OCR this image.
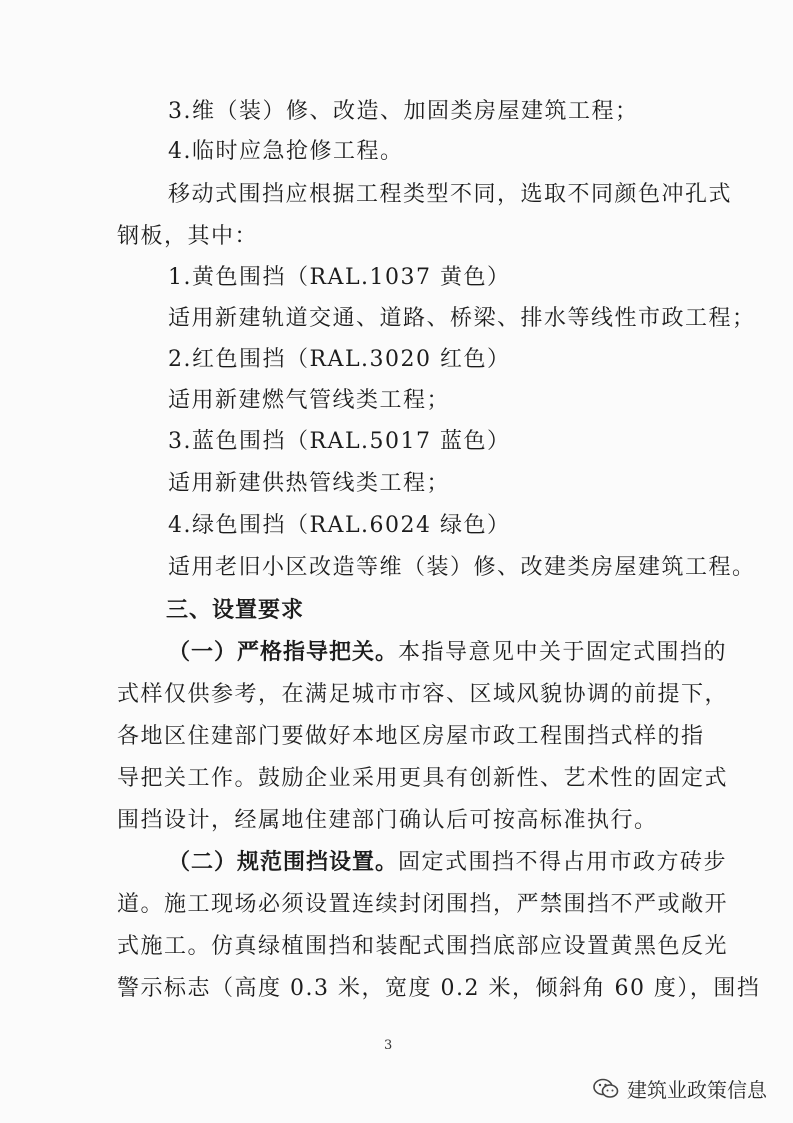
3.维（装）修、改造、加固类房屋建筑工程；
4.临时应急抢修工程。
移动式围挡应根据工程类型不同，选取不同颜色冲孔式
钢板，其中：
1.黄色围挡（RAL.1037 黄色）
适用新建轨道交通、道路、桥梁、排水等线性市政工程；
2.红色围挡（RAL.3020 红色）
适用新建燃气管线类工程；
3.蓝色围挡（RAL.5017 蓝色）
适用新建供热管线类工程；
4.绿色围挡（RAL.6024 绿色）
适用老旧小区改造等维（装）修、改建类房屋建筑工程。
三、设置要求
（一）严格指导把关。本指导意见中关于固定式围挡的
式样仅供参考，在满足城市市容、区域风貌协调的前提下，
各地区住建部门要做好本地区房屋市政工程围挡式样的指
导把关工作。鼓励企业采用更具有创新性、艺术性的固定式
围挡设计，经属地住建部门确认后可按高标准执行。
（二）规范围挡设置。固定式围挡不得占用市政方砖步
道。施工现场必须设置连续封闭围挡，严禁围挡不严或敞开
式施工。仿真绿植围挡和装配式围挡底部应设置黄黑色反光
警示标志（高度 0.3 米，宽度 0.2 米，倾斜角 60 度），围挡
3
建筑业政策信息
